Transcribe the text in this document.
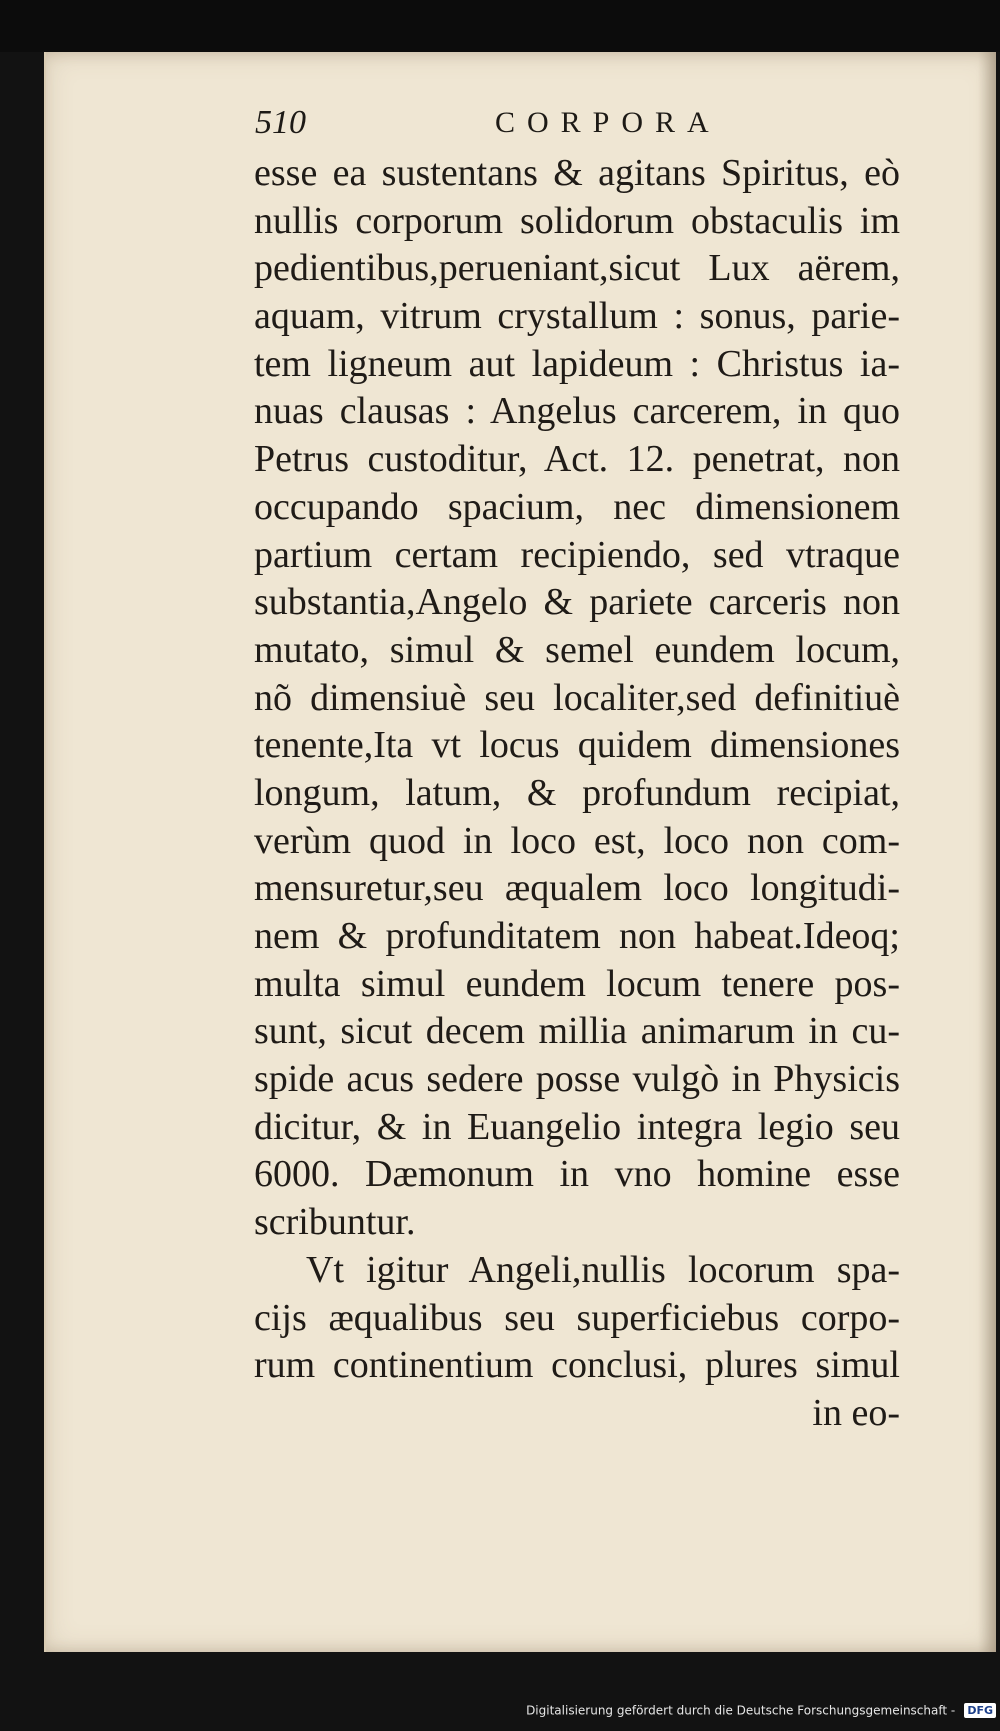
510	CORPORA
esse ea sustentans & agitans Spiritus, eò
nullis corporum solidorum obstaculis im
pedientibus,perueniant,sicut Lux aërem,
aquam, vitrum crystallum : sonus, parie-
tem ligneum aut lapideum : Christus ia-
nuas clausas : Angelus carcerem, in quo
Petrus custoditur, Act. 12. penetrat, non
occupando spacium, nec dimensionem
partium certam recipiendo, sed vtraque
substantia,Angelo & pariete carceris non
mutato, simul & semel eundem locum,
nõ dimensiuè seu localiter,sed definitiuè
tenente,Ita vt locus quidem dimensiones
longum, latum, & profundum recipiat,
verùm quod in loco est, loco non com-
mensuretur,seu æqualem loco longitudi-
nem & profunditatem non habeat.Ideoq;
multa simul eundem locum tenere pos-
sunt, sicut decem millia animarum in cu-
spide acus sedere posse vulgò in Physicis
dicitur, & in Euangelio integra legio seu
6000. Dæmonum in vno homine esse
scribuntur.
Vt igitur Angeli,nullis locorum spa-
cijs æqualibus seu superficiebus corpo-
rum continentium conclusi, plures simul
in eo-
Digitalisierung gefördert durch die Deutsche Forschungsgemeinschaft - DFG
